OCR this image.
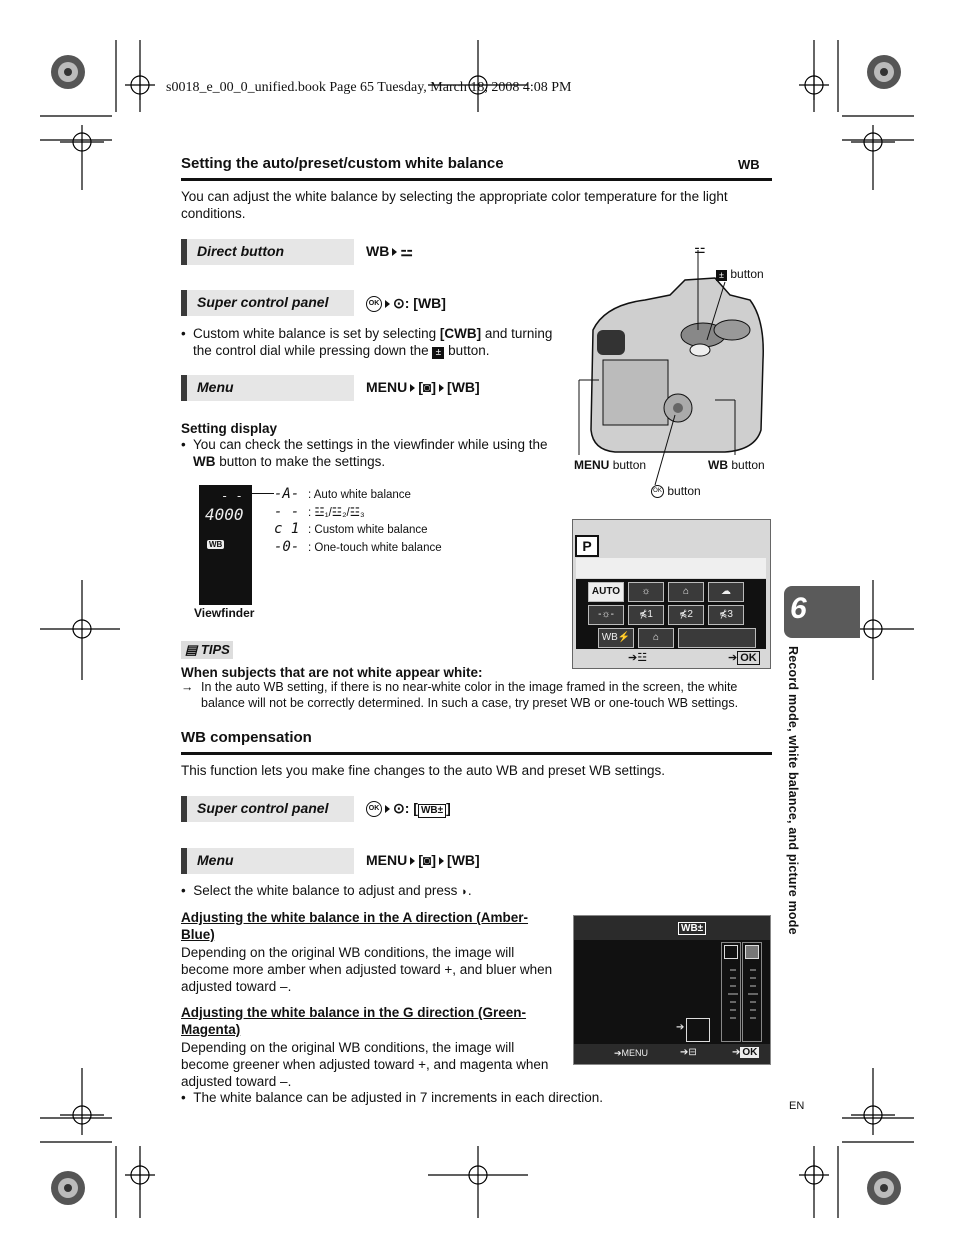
s0018_e_00_0_unified.book Page 65 Tuesday, March 18, 2008 4:08 PM
Setting the auto/preset/custom white balance	WB
You can adjust the white balance by selecting the appropriate color temperature for the light conditions.
Direct button	WB ⚍
Super control panel	OK ⊙: [WB]
• Custom white balance is set by selecting [CWB] and turning the control dial while pressing down the ± button.
Menu	MENU [◙] [WB]
Setting display
• You can check the settings in the viewfinder while using the WB button to make the settings.
⚍
± button
MENU button	WB button
OK button
- -
4000
WB
Viewfinder
-A- : Auto white balance
- - : ☳₁/☳₂/☳₃
c 1 : Custom white balance
-0- : One-touch white balance	P
AUTO	☼	⌂	☁
-☼-	⋠1	⋠2	⋠3
WB⚡	⌂
➔☳	➔ OK
▤ TIPS
When subjects that are not white appear white:
→ In the auto WB setting, if there is no near-white color in the image framed in the screen, the white balance will not be correctly determined. In such a case, try preset WB or one-touch WB settings.
WB compensation
This function lets you make fine changes to the auto WB and preset WB settings.
Super control panel	OK ⊙: [ WB± ]
Menu	MENU [◙] [WB]
•  Select the white balance to adjust and press ◗.
Adjusting the white balance in the A direction (Amber-Blue)
Depending on the original WB conditions, the image will become more amber when adjusted toward +, and bluer when adjusted toward –.
Adjusting the white balance in the G direction (Green-Magenta)
Depending on the original WB conditions, the image will become greener when adjusted toward +, and magenta when adjusted toward –.
•  The white balance can be adjusted in 7 increments in each direction.
WB±
➔
➔MENU	➔⊟	➔ OK
6
Record mode, white balance, and picture mode
EN
